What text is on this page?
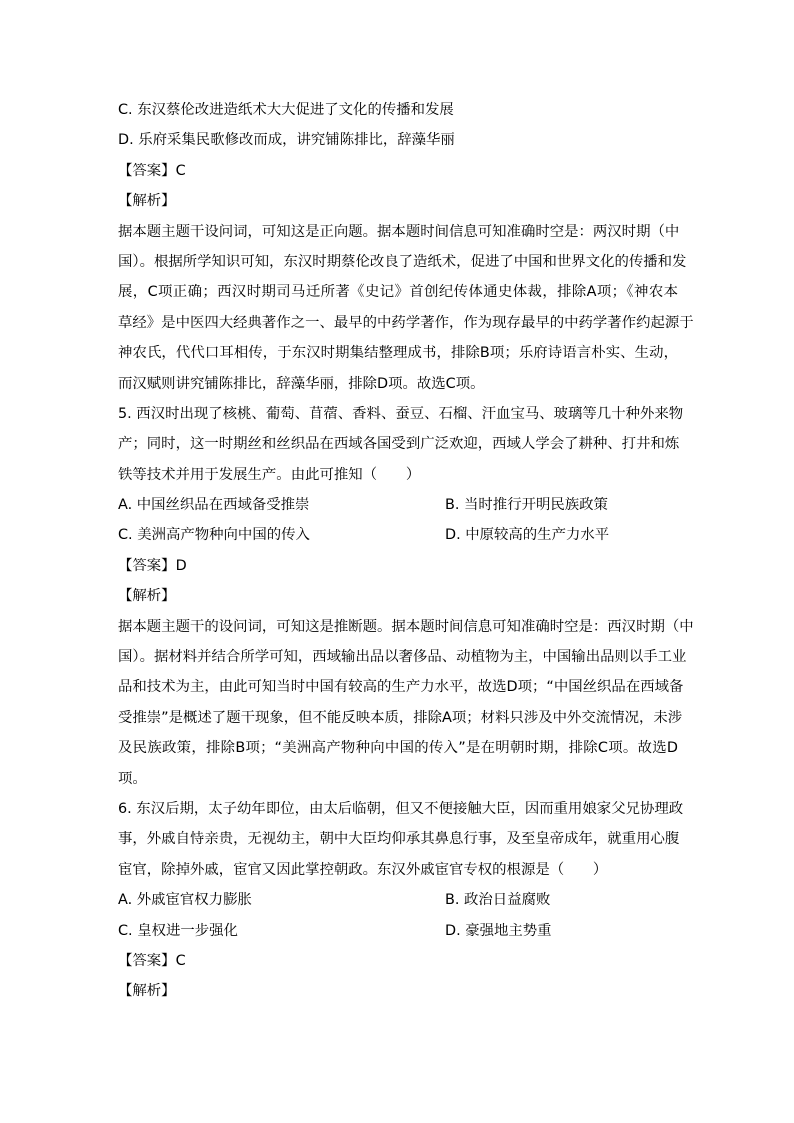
C. 东汉蔡伦改进造纸术大大促进了文化的传播和发展

D. 乐府采集民歌修改而成，讲究铺陈排比，辞藻华丽

【答案】C

【解析】

据本题主题干设问词，可知这是正向题。据本题时间信息可知准确时空是：两汉时期（中

国）。根据所学知识可知，东汉时期蔡伦改良了造纸术，促进了中国和世界文化的传播和发

展，C项正确；西汉时期司马迁所著《史记》首创纪传体通史体裁，排除A项；《神农本

草经》是中医四大经典著作之一、最早的中药学著作，作为现存最早的中药学著作约起源于

神农氏，代代口耳相传，于东汉时期集结整理成书，排除B项；乐府诗语言朴实、生动，

而汉赋则讲究铺陈排比，辞藻华丽，排除D项。故选C项。

5. 西汉时出现了核桃、葡萄、苜蓿、香料、蚕豆、石榴、汗血宝马、玻璃等几十种外来物

产；同时，这一时期丝和丝织品在西域各国受到广泛欢迎，西域人学会了耕种、打井和炼

铁等技术并用于发展生产。由此可推知（　　）

A. 中国丝织品在西域备受推崇	B. 当时推行开明民族政策
C. 美洲高产物种向中国的传入	D. 中原较高的生产力水平

【答案】D

【解析】

据本题主题干的设问词，可知这是推断题。据本题时间信息可知准确时空是：西汉时期（中

国）。据材料并结合所学可知，西域输出品以奢侈品、动植物为主，中国输出品则以手工业

品和技术为主，由此可知当时中国有较高的生产力水平，故选D项；“中国丝织品在西域备

受推崇”是概述了题干现象，但不能反映本质，排除A项；材料只涉及中外交流情况，未涉

及民族政策，排除B项；“美洲高产物种向中国的传入”是在明朝时期，排除C项。故选D

项。

6. 东汉后期，太子幼年即位，由太后临朝，但又不便接触大臣，因而重用娘家父兄协理政

事，外戚自恃亲贵，无视幼主，朝中大臣均仰承其鼻息行事，及至皇帝成年，就重用心腹

宦官，除掉外戚，宦官又因此掌控朝政。东汉外戚宦官专权的根源是（　　）

A. 外戚宦官权力膨胀	B. 政治日益腐败
C. 皇权进一步强化	D. 豪强地主势重

【答案】C

【解析】
